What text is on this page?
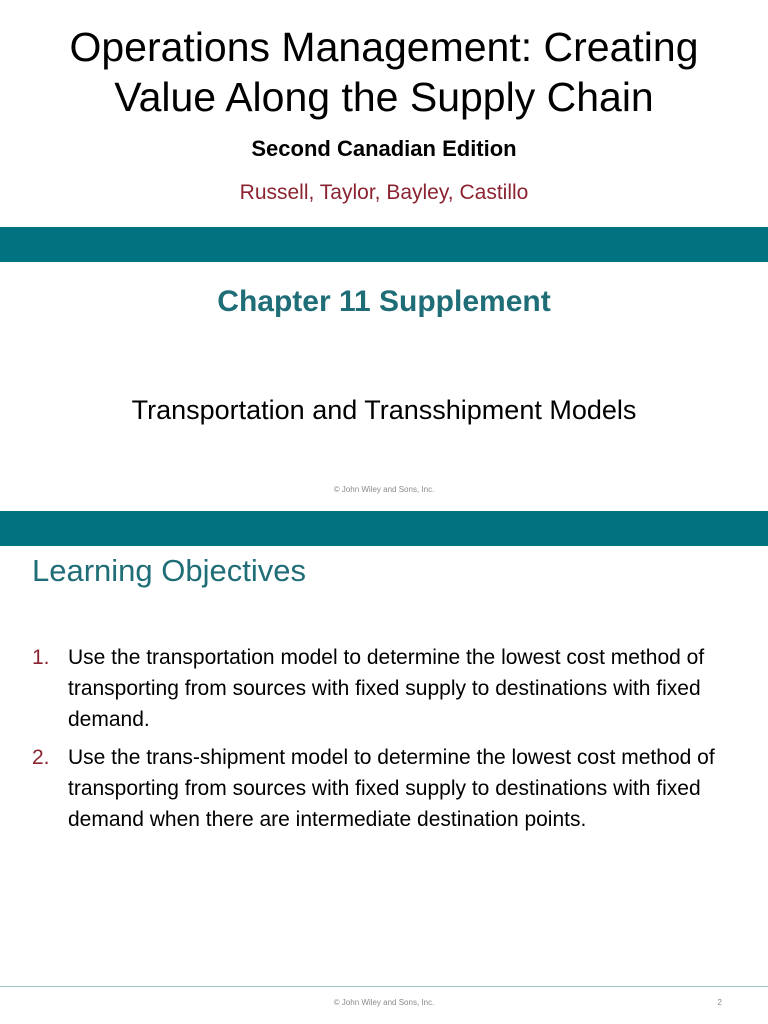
Operations Management: Creating
Value Along the Supply Chain
Second Canadian Edition
Russell, Taylor, Bayley, Castillo
Chapter 11 Supplement
Transportation and Transshipment Models
© John Wiley and Sons, Inc.
Learning Objectives
1. Use the transportation model to determine the lowest cost method of transporting from sources with fixed supply to destinations with fixed demand.
2. Use the trans-shipment model to determine the lowest cost method of transporting from sources with fixed supply to destinations with fixed demand when there are intermediate destination points.
© John Wiley and Sons, Inc.	2
